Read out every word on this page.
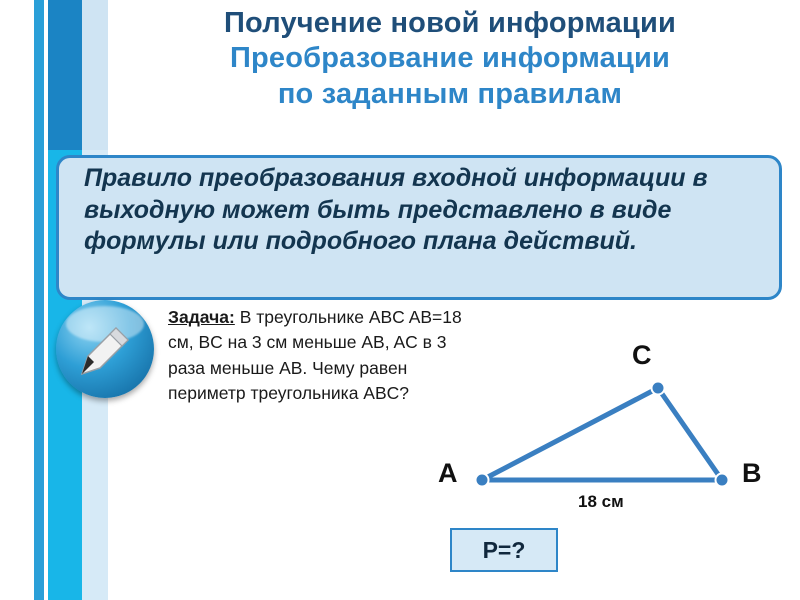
Получение новой информации
Преобразование информации
по заданным правилам
Правило преобразования входной информации в выходную может быть представлено в виде формулы или подробного плана действий.
Задача: В треугольнике ABC AB=18 см, BC на 3 см меньше AB, AC в 3 раза меньше AB. Чему равен периметр треугольника ABC?
A	B
C
18 см
P=?
